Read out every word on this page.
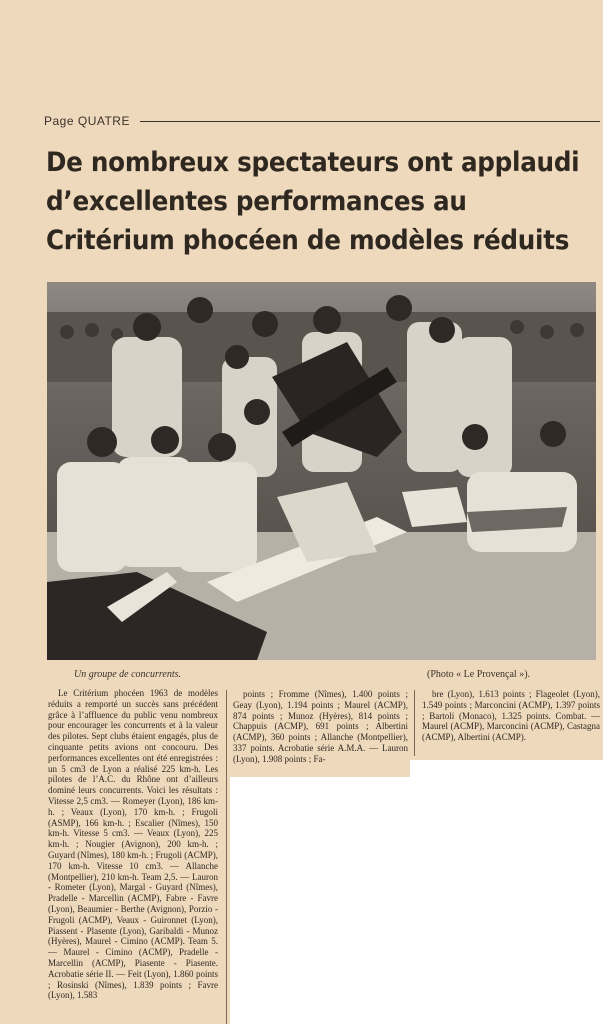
Page QUATRE
De nombreux spectateurs ont applaudi
d’excellentes performances au
Critérium phocéen de modèles réduits
Un groupe de concurrents.	(Photo « Le Provençal »).

Le Critérium phocéen 1963 de modèles réduits a remporté un succès sans précédent grâce à l’affluence du public venu nombreux pour encourager les concurrents et à la valeur des pilotes. Sept clubs étaient engagés, plus de cinquante petits avions ont concouru. Des performances excellentes ont été enregistrées : un 5 cm3 de Lyon a réalisé 225 km-h. Les pilotes de l’A.C. du Rhône ont d’ailleurs dominé leurs concurrents. Voici les résultats : Vitesse 2,5 cm3. — Romeyer (Lyon), 186 km-h. ; Veaux (Lyon), 170 km-h. ; Frugoli (ASMP), 166 km-h. ; Escalier (Nîmes), 150 km-h. Vitesse 5 cm3. — Veaux (Lyon), 225 km-h. ; Nougier (Avignon), 200 km-h. ; Guyard (Nîmes), 180 km-h. ; Frugoli (ACMP), 170 km-h. Vitesse 10 cm3. — Allanche (Montpellier), 210 km-h. Team 2,5. — Lauron - Rometer (Lyon), Margal - Guyard (Nîmes), Pradelle - Marcellin (ACMP), Fabre - Favre (Lyon), Beaumier - Berthe (Avignon), Porzio - Frugoli (ACMP), Veaux - Guironnet (Lyon), Piassent - Plasente (Lyon), Garibaldi - Munoz (Hyères), Maurel - Cimino (ACMP). Team 5. — Maurel - Cimino (ACMP), Pradelle - Marcellin (ACMP), Piasente - Piasente. Acrobatie série II. — Feit (Lyon), 1.860 points ; Rosinski (Nîmes), 1.839 points ; Favre (Lyon), 1.583

points ; Fromme (Nîmes), 1.400 points ; Geay (Lyon), 1.194 points ; Maurel (ACMP), 874 points ; Munoz (Hyères), 814 points ; Chappuis (ACMP), 691 points ; Albertini (ACMP), 360 points ; Allanche (Montpellier), 337 points. Acrobatie série A.M.A. — Lauron (Lyon), 1.908 points ; Fa-

bre (Lyon), 1.613 points ; Flageolet (Lyon), 1.549 points ; Marconcini (ACMP), 1.397 points ; Bartoli (Monaco), 1.325 points. Combat. — Maurel (ACMP), Marconcini (ACMP), Castagna (ACMP), Albertini (ACMP).
